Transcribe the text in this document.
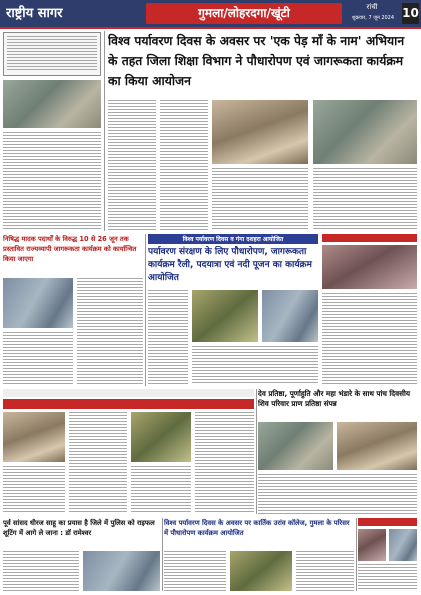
राष्ट्रीय सागर	गुमला/लोहरदगा/खूंटी	रांची
शुक्रवार, 7 जून 2024 10
विश्व पर्यावरण दिवस के अवसर पर 'एक पेड़ माँ के नाम' अभियान के तहत जिला शिक्षा विभाग ने पौधारोपण एवं जागरूकता कार्यक्रम का किया आयोजन
विश्व पर्यावरण दिवस व गंगा दशहरा आयोजित
पर्यावरण संरक्षण के लिए पौधारोपण, जागरूकता कार्यक्रम रैली, पदयात्रा एवं नदी पूजन का कार्यक्रम आयोजित
निषिद्ध मादक पदार्थों के विरुद्ध 10 से 26 जून तक प्रस्तावित राज्यव्यापी जागरूकता कार्यक्रम को कार्यान्वित किया जाएगा
देव प्रतिष्ठा, पूर्णाहुति और महा भंडारे के साथ पांच दिवसीय शिव परिवार प्राण प्रतिष्ठा संपन्न
पूर्व सांसद धीरज साहू का प्रयास है जिले में पुलिस को राइफल शूटिंग में आगे ले जाना : डॉ रामेश्वर
विश्व पर्यावरण दिवस के अवसर पर कार्तिक उरांव कॉलेज, गुमला के परिसर में पौधारोपण कार्यक्रम आयोजित
